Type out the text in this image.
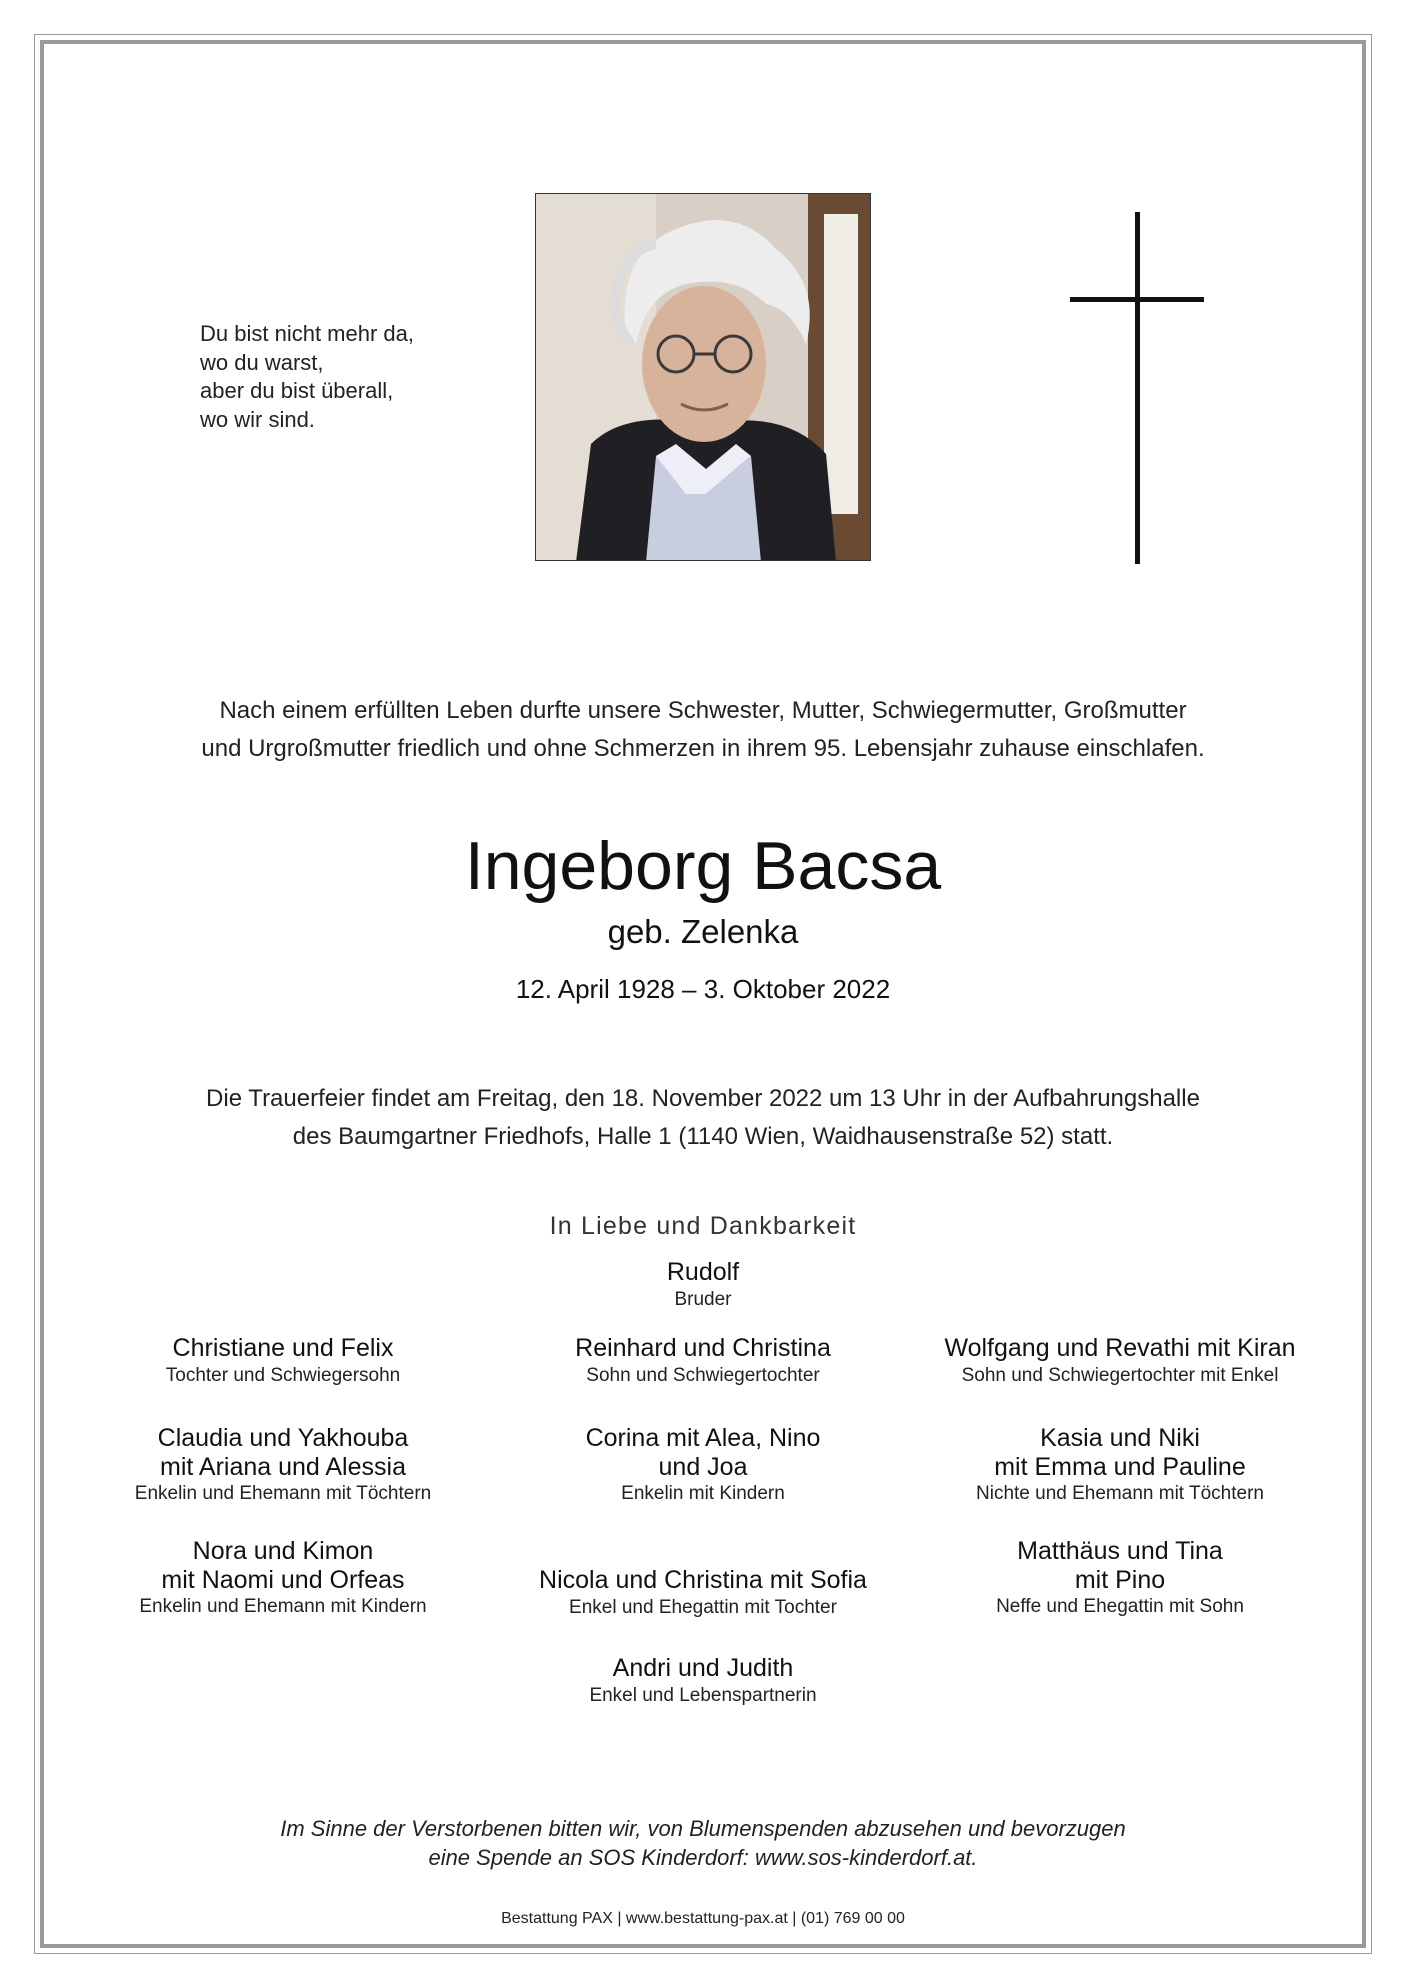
Du bist nicht mehr da,
wo du warst,
aber du bist überall,
wo wir sind.
Nach einem erfüllten Leben durfte unsere Schwester, Mutter, Schwiegermutter, Großmutter
und Urgroßmutter friedlich und ohne Schmerzen in ihrem 95. Lebensjahr zuhause einschlafen.
Ingeborg Bacsa
geb. Zelenka
12. April 1928 – 3. Oktober 2022
Die Trauerfeier findet am Freitag, den 18. November 2022 um 13 Uhr in der Aufbahrungshalle
des Baumgartner Friedhofs, Halle 1 (1140 Wien, Waidhausenstraße 52) statt.
In Liebe und Dankbarkeit
Rudolf
Bruder
Christiane und Felix
Tochter und Schwiegersohn
Reinhard und Christina
Sohn und Schwiegertochter
Wolfgang und Revathi mit Kiran
Sohn und Schwiegertochter mit Enkel
Claudia und Yakhouba
mit Ariana und Alessia
Enkelin und Ehemann mit Töchtern
Corina mit Alea, Nino
und Joa
Enkelin mit Kindern
Kasia und Niki
mit Emma und Pauline
Nichte und Ehemann mit Töchtern
Nora und Kimon
mit Naomi und Orfeas
Enkelin und Ehemann mit Kindern
Nicola und Christina mit Sofia
Enkel und Ehegattin mit Tochter
Matthäus und Tina
mit Pino
Neffe und Ehegattin mit Sohn
Andri und Judith
Enkel und Lebenspartnerin
Im Sinne der Verstorbenen bitten wir, von Blumenspenden abzusehen und bevorzugen
eine Spende an SOS Kinderdorf: www.sos-kinderdorf.at.
Bestattung PAX | www.bestattung-pax.at | (01) 769 00 00
